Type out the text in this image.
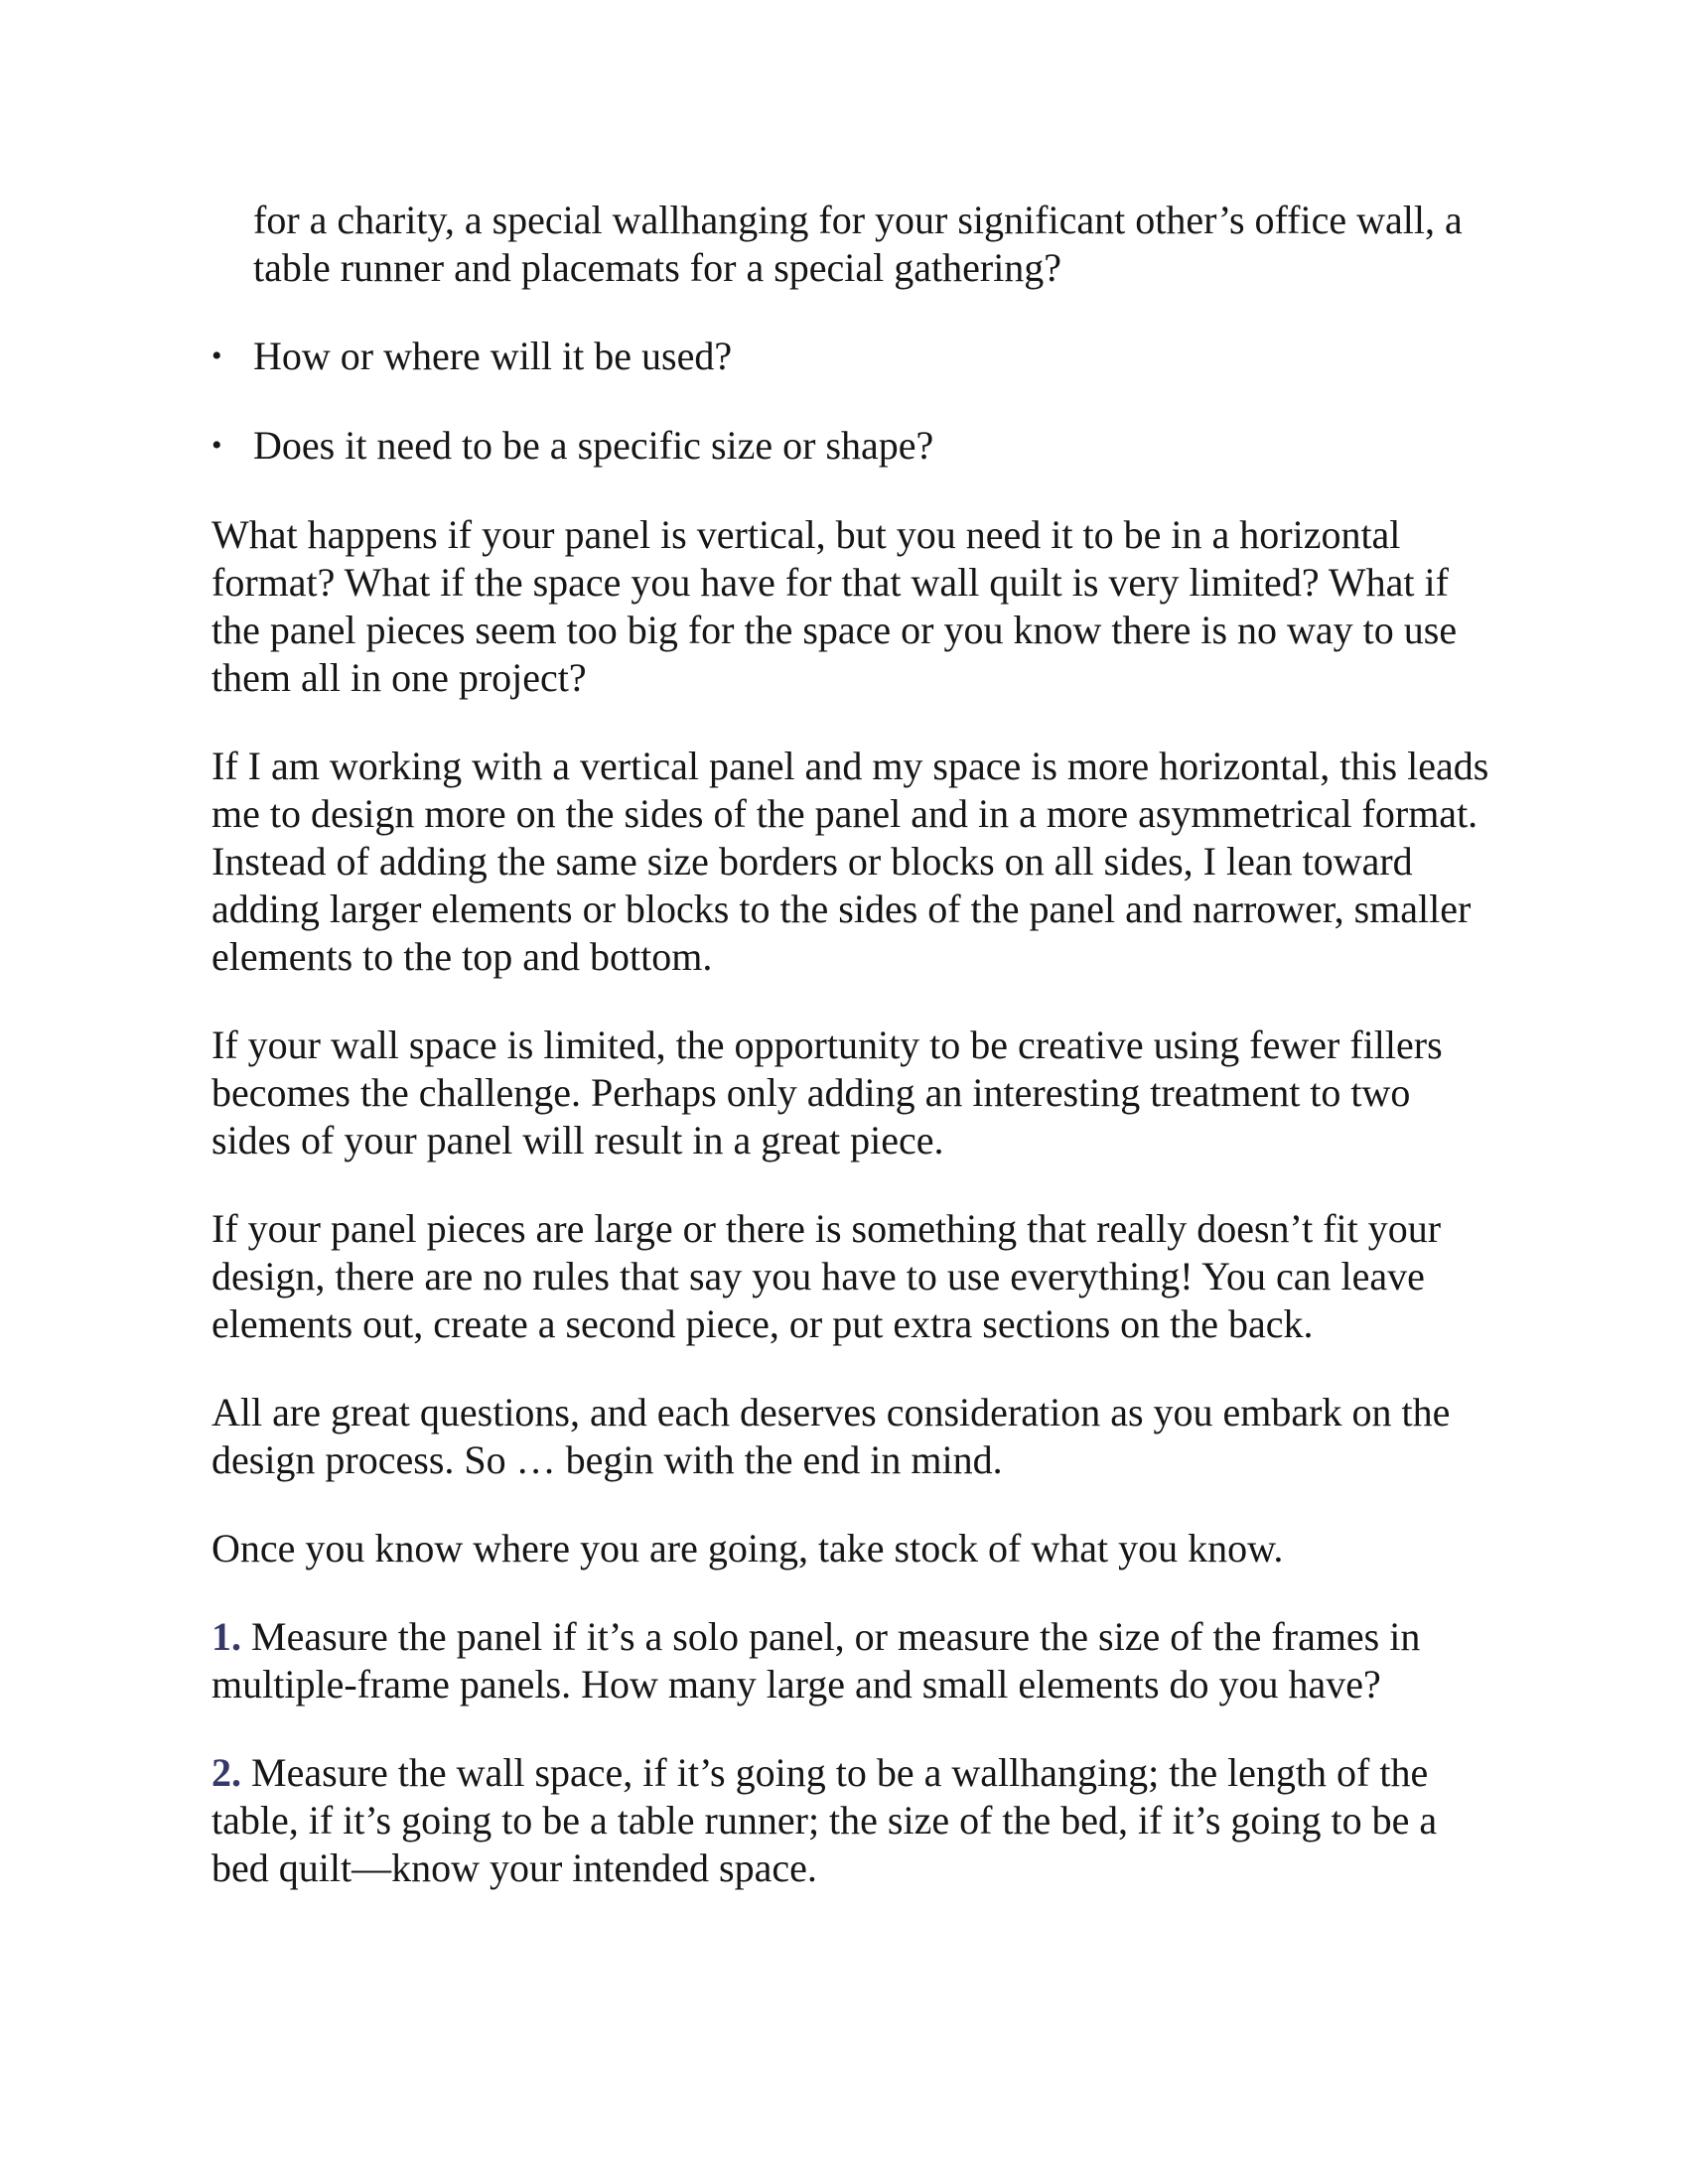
for a charity, a special wallhanging for your significant other’s office wall, a table runner and placemats for a special gathering?

• How or where will it be used?
• Does it need to be a specific size or shape?

What happens if your panel is vertical, but you need it to be in a horizontal format? What if the space you have for that wall quilt is very limited? What if the panel pieces seem too big for the space or you know there is no way to use them all in one project?

If I am working with a vertical panel and my space is more horizontal, this leads me to design more on the sides of the panel and in a more asymmetrical format. Instead of adding the same size borders or blocks on all sides, I lean toward adding larger elements or blocks to the sides of the panel and narrower, smaller elements to the top and bottom.

If your wall space is limited, the opportunity to be creative using fewer fillers becomes the challenge. Perhaps only adding an interesting treatment to two sides of your panel will result in a great piece.

If your panel pieces are large or there is something that really doesn’t fit your design, there are no rules that say you have to use everything! You can leave elements out, create a second piece, or put extra sections on the back.

All are great questions, and each deserves consideration as you embark on the design process. So … begin with the end in mind.

Once you know where you are going, take stock of what you know.

1. Measure the panel if it’s a solo panel, or measure the size of the frames in multiple-frame panels. How many large and small elements do you have?

2. Measure the wall space, if it’s going to be a wallhanging; the length of the table, if it’s going to be a table runner; the size of the bed, if it’s going to be a bed quilt—know your intended space.
